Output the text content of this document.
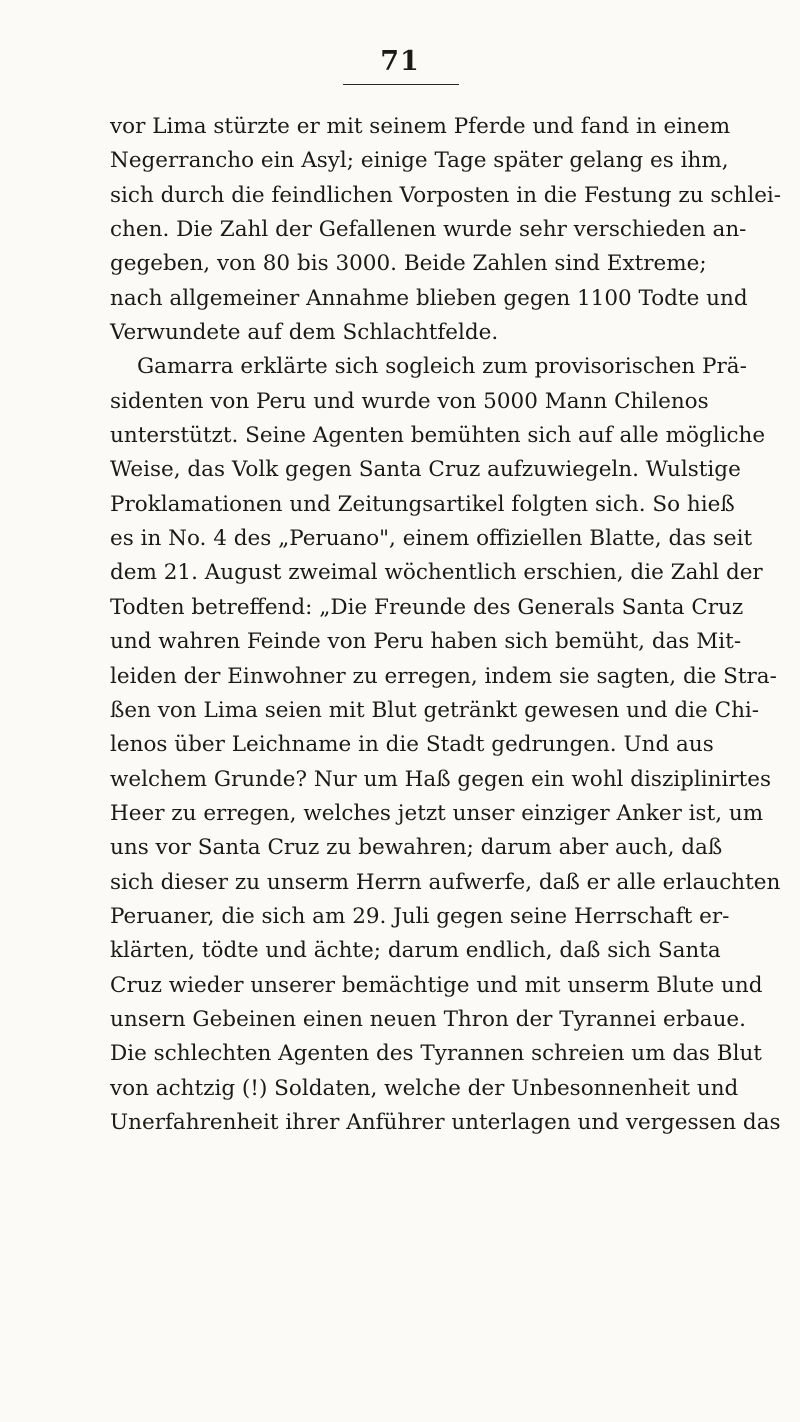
71
vor Lima stürzte er mit seinem Pferde und fand in einem
Negerrancho ein Asyl; einige Tage später gelang es ihm,
sich durch die feindlichen Vorposten in die Festung zu schlei-
chen. Die Zahl der Gefallenen wurde sehr verschieden an-
gegeben, von 80 bis 3000. Beide Zahlen sind Extreme;
nach allgemeiner Annahme blieben gegen 1100 Todte und
Verwundete auf dem Schlachtfelde.
Gamarra erklärte sich sogleich zum provisorischen Prä-
sidenten von Peru und wurde von 5000 Mann Chilenos
unterstützt. Seine Agenten bemühten sich auf alle mögliche
Weise, das Volk gegen Santa Cruz aufzuwiegeln. Wulstige
Proklamationen und Zeitungsartikel folgten sich. So hieß
es in No. 4 des „Peruano", einem offiziellen Blatte, das seit
dem 21. August zweimal wöchentlich erschien, die Zahl der
Todten betreffend: „Die Freunde des Generals Santa Cruz
und wahren Feinde von Peru haben sich bemüht, das Mit-
leiden der Einwohner zu erregen, indem sie sagten, die Stra-
ßen von Lima seien mit Blut getränkt gewesen und die Chi-
lenos über Leichname in die Stadt gedrungen. Und aus
welchem Grunde? Nur um Haß gegen ein wohl disziplinirtes
Heer zu erregen, welches jetzt unser einziger Anker ist, um
uns vor Santa Cruz zu bewahren; darum aber auch, daß
sich dieser zu unserm Herrn aufwerfe, daß er alle erlauchten
Peruaner, die sich am 29. Juli gegen seine Herrschaft er-
klärten, tödte und ächte; darum endlich, daß sich Santa
Cruz wieder unserer bemächtige und mit unserm Blute und
unsern Gebeinen einen neuen Thron der Tyrannei erbaue.
Die schlechten Agenten des Tyrannen schreien um das Blut
von achtzig (!) Soldaten, welche der Unbesonnenheit und
Unerfahrenheit ihrer Anführer unterlagen und vergessen das
